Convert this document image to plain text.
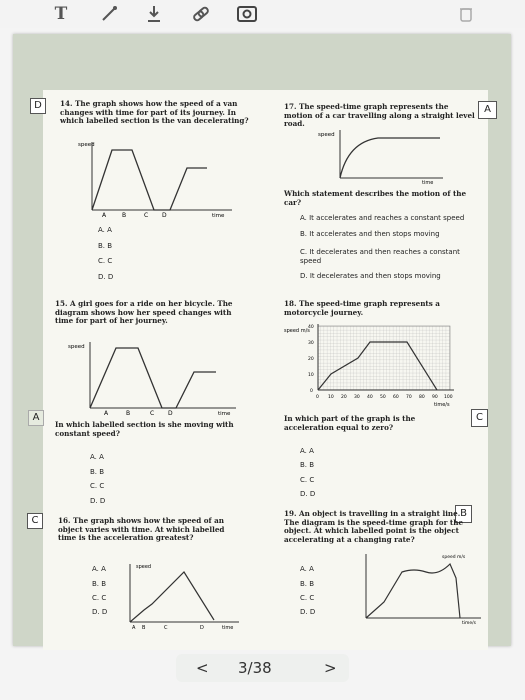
T
D	14. The graph shows how the speed of a van changes with time for part of its journey. In which labelled section is the van decelerating?
speed
time
A	B	C D
A. A
B. B
C. C
D. D
A
17. The speed-time graph represents the motion of a car travelling along a straight level road.
speed
time
Which statement describes the motion of the car?
A. It accelerates and reaches a constant speed
B. It accelerates and then stops moving
C. It decelerates and then reaches a constant speed
D. It decelerates and then stops moving
15. A girl goes for a ride on her bicycle. The diagram shows how her speed changes with time for part of her journey.
speed
time
A	B	C D
A
In which labelled section is she moving with constant speed?
A. A
B. B
C. C
D. D
18. The speed-time graph represents a motorcycle journey.
speed m/s
0
10
20
30
40
0 10 20 30 40 50 60 70 80 90 100
time/s
In which part of the graph is the acceleration equal to zero?
C
A. A
B. B
C. C
D. D
C	16. The graph shows how the speed of an object varies with time. At which labelled time is the acceleration greatest?
A. A
B. B
C. C
D. D
speed
time
A B	C	D
B
19. An object is travelling in a straight line. The diagram is the speed-time graph for the object. At which labelled point is the object accelerating at a changing rate?
A. A
B. B
C. C
D. D
speed m/s
time/s
< 3/38	>
